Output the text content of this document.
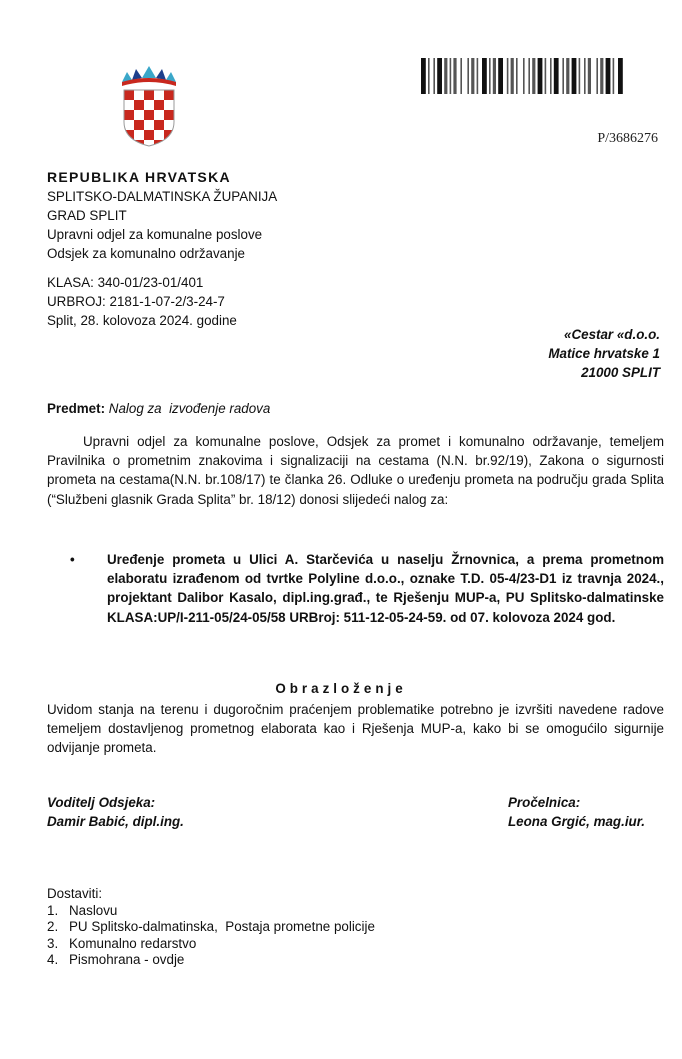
P/3686276
REPUBLIKA HRVATSKA
SPLITSKO-DALMATINSKA ŽUPANIJA
GRAD SPLIT
Upravni odjel za komunalne poslove
Odsjek za komunalno održavanje
KLASA: 340-01/23-01/401
URBROJ: 2181-1-07-2/3-24-7
Split, 28. kolovoza 2024. godine
«Cestar «d.o.o.
Matice hrvatske 1
21000 SPLIT
Predmet: Nalog za  izvođenje radova
Upravni odjel za komunalne poslove, Odsjek za promet i komunalno održavanje, temeljem Pravilnika o prometnim znakovima i signalizaciji na cestama (N.N. br.92/19), Zakona o sigurnosti prometa na cestama(N.N. br.108/17) te članka 26. Odluke o uređenju prometa na području grada Splita (“Službeni glasnik Grada Splita” br. 18/12) donosi slijedeći nalog za:
• Uređenje prometa u Ulici A. Starčevića u naselju Žrnovnica, a prema prometnom elaboratu izrađenom od tvrtke Polyline d.o.o., oznake T.D. 05-4/23-D1 iz travnja 2024., projektant Dalibor Kasalo, dipl.ing.građ., te Rješenju MUP-a, PU Splitsko-dalmatinske KLASA:UP/I-211-05/24-05/58 URBroj: 511-12-05-24-59. od 07. kolovoza 2024 god.
Obrazloženje
Uvidom stanja na terenu i dugoročnim praćenjem problematike potrebno je izvršiti navedene radove temeljem dostavljenog prometnog elaborata kao i Rješenja MUP-a, kako bi se omogućilo sigurnije odvijanje prometa.
Voditelj Odsjeka:
Damir Babić, dipl.ing.
Pročelnica:
Leona Grgić, mag.iur.
Dostaviti:
1. Naslovu
2. PU Splitsko-dalmatinska,  Postaja prometne policije
3. Komunalno redarstvo
4. Pismohrana - ovdje
